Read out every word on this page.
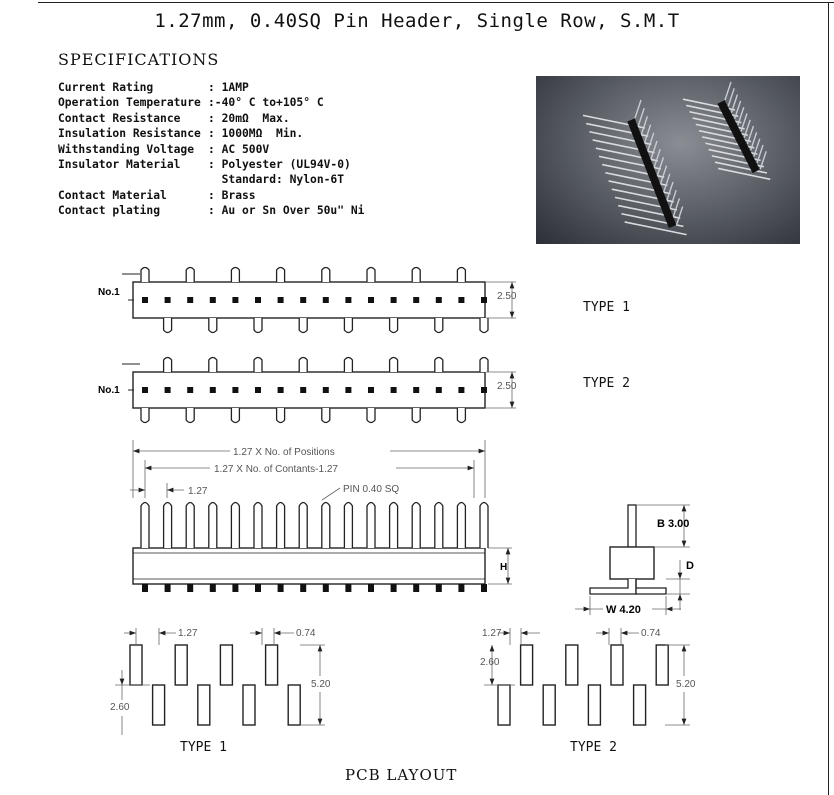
1.27mm, 0.40SQ Pin Header, Single Row, S.M.T
SPECIFICATIONS
Current Rating	: 1AMP
Operation Temperature :-40° C to+105° C
Contact Resistance	: 20mΩ  Max.
Insulation Resistance : 1000MΩ  Min.
Withstanding Voltage	: AC 500V
Insulator Material	: Polyester (UL94V-0)
Standard: Nylon-6T
Contact Material	: Brass
Contact plating	: Au or Sn Over 50u" Ni
No.1
No.1
2.50
2.50
1.27 X No. of Positions
1.27 X No. of Contants-1.27
1.27	PIN 0.40 SQ
H
B 3.00
D
W 4.20
1.27	0.74
2.60
5.20
1.27	0.74
2.60
5.20
TYPE 1
TYPE 2
TYPE 1	TYPE 2
PCB LAYOUT
